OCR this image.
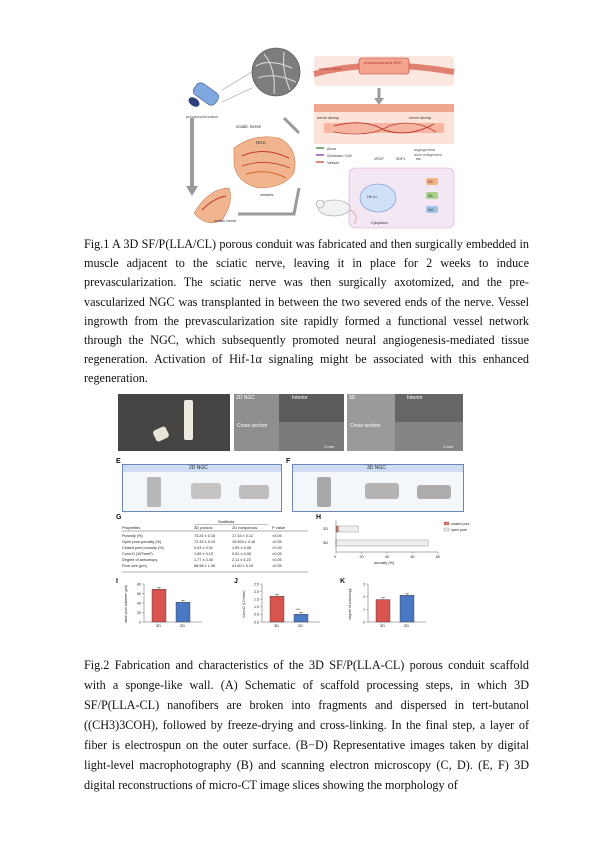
prevascularization
sciatic nerve
NGC
vessels
sciatic nerve
sciatic nerve
prevascularized NGC
nerve stump	nerve stump
angiogenesis
axon realignment
Axon
Schwann Cell
Vessel
VEGF	SDF1	etc.
Hif-1α
Cytoplasm
EA
AA
MA

Fig.1 A 3D SF/P(LLA/CL) porous conduit was fabricated and then surgically embedded in muscle adjacent to the sciatic nerve, leaving it in place for 2 weeks to induce prevascularization. The sciatic nerve was then surgically axotomized, and the pre-vascularized NGC was transplanted in between the two severed ends of the nerve. Vessel ingrowth from the prevascularization site rapidly formed a functional vessel network through the NGC, which subsequently promoted neural angiogenesis-mediated tissue regeneration. Activation of Hif-1α signaling might be associated with this enhanced regeneration.

2D NGC	Interior
Cross section
1 mm
3D	Interior
Cross section
1 mm
E
2D NGC
F
3D NGC
G
Scaffolds
Properties	3D porous	2D nonporous	P value
Porosity (%)	73.24 ± 0.18	17.33 ± 0.12	<0.05
Open pore porosity (%)	72.33 ± 0.19	15.493 ± 4.16	<0.05
Closed pore porosity (%)	0.03 ± 0.31	1.90 ± 0.08	<0.05
Conn.D (10³/mm³)	1.69 ± 0.13	0.51 ± 0.05	<0.05
Degree of anisotropy	1.77 ± 0.40	2.11 ± 0.23	<0.05
Pore size (μm)	68.98 ± 1.06	41.50 ± 5.19	<0.05
H
2D
3D
0	20	40	60	80
porosity (%)
closed pore
open pore
I
0
20
40
60
80
mean pore diameter (μm)
3D	2D
J
0.0
0.5
1.0
1.5
2.0
2.5
Conn.D (10³/mm³)
3D	2D
***
K
0
1
2
3
degree of anisotropy
3D	2D

Fig.2 Fabrication and characteristics of the 3D SF/P(LLA-CL) porous conduit scaffold with a sponge-like wall. (A) Schematic of scaffold processing steps, in which 3D SF/P(LLA-CL) nanofibers are broken into fragments and dispersed in tert-butanol ((CH3)3COH), followed by freeze-drying and cross-linking. In the final step, a layer of fiber is electrospun on the outer surface. (B−D) Representative images taken by digital light-level macrophotography (B) and scanning electron microscopy (C, D). (E, F) 3D digital reconstructions of micro-CT image slices showing the morphology of
